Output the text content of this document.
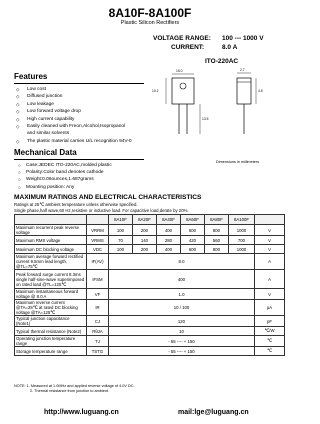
8A10F-8A100F
Plastic Silicon Rectifiers
VOLTAGE RANGE: 100 --- 1000 V
CURRENT:	8.0 A
ITO-220AC
10.2
15.0
13.5
4.5
2.7
Dimensions in millimeters
Features
◇	Low cost
◇	Diffused junction
◇	Low leakage
◇	Low forward voltage drop
◇	High current capability
◇	Easily cleaned with Freon,Alcohol,Isopropanol
and similar solvents
◇	The plastic material carries U/L recognition 94V-0
Mechanical Data
○	Case:JEDEC ITO-220AC,molded plastic
○	Polarity:Color band denotes cathode
○	Weight:0.06ounces,1.687grams
○	Mounting position: Any
MAXIMUM RATINGS AND ELECTRICAL CHARACTERISTICS
Ratings at 25℃ ambient temperature unless otherwise specified.
Single phase,half wave,60 Hz,resistive or inductive load. For capacitive load,derate by 20%.
		8A10F	8A20F	8A40F	8A60F	8A80F	8A100F	
Maximum recurrent peak reverse voltage	VRRM	100	200	400	600	800	1000	V
Maximum RMS voltage	VRMS	70	140	280	420	560	700	V
Maximum DC blocking voltage	VDC	100	200	400	600	800	1000	V
Maximum average forward rectified current 9.5mm lead length, @TL=75℃	IF(AV)	8.0						A
Peak forward surge current 8.3ms single half-sine-wave superimposed on rated load @TL=125℃	IFSM	400						A
Maximum instantaneous forward voltage @ 8.0 A	VF	1.0						V
Maximum reverse current @TA=25℃ at rated DC blocking voltage @TA=125℃	IR	10 / 100						μA
Typical junction capacitance (Note1)	CJ	120						pF
Typical thermal resistance (Note2)	RθJA	10						℃/W
Operating junction temperature range	TJ	- 55 ---- + 150						℃
Storage temperature range	TSTG	- 55 ---- + 150						℃
NOTE: 1. Measured at 1.0MHz and applied reverse voltage of 4.0V DC.
2. Thermal resistance from junction to ambient.
http://www.luguang.cn	mail:lge@luguang.cn
